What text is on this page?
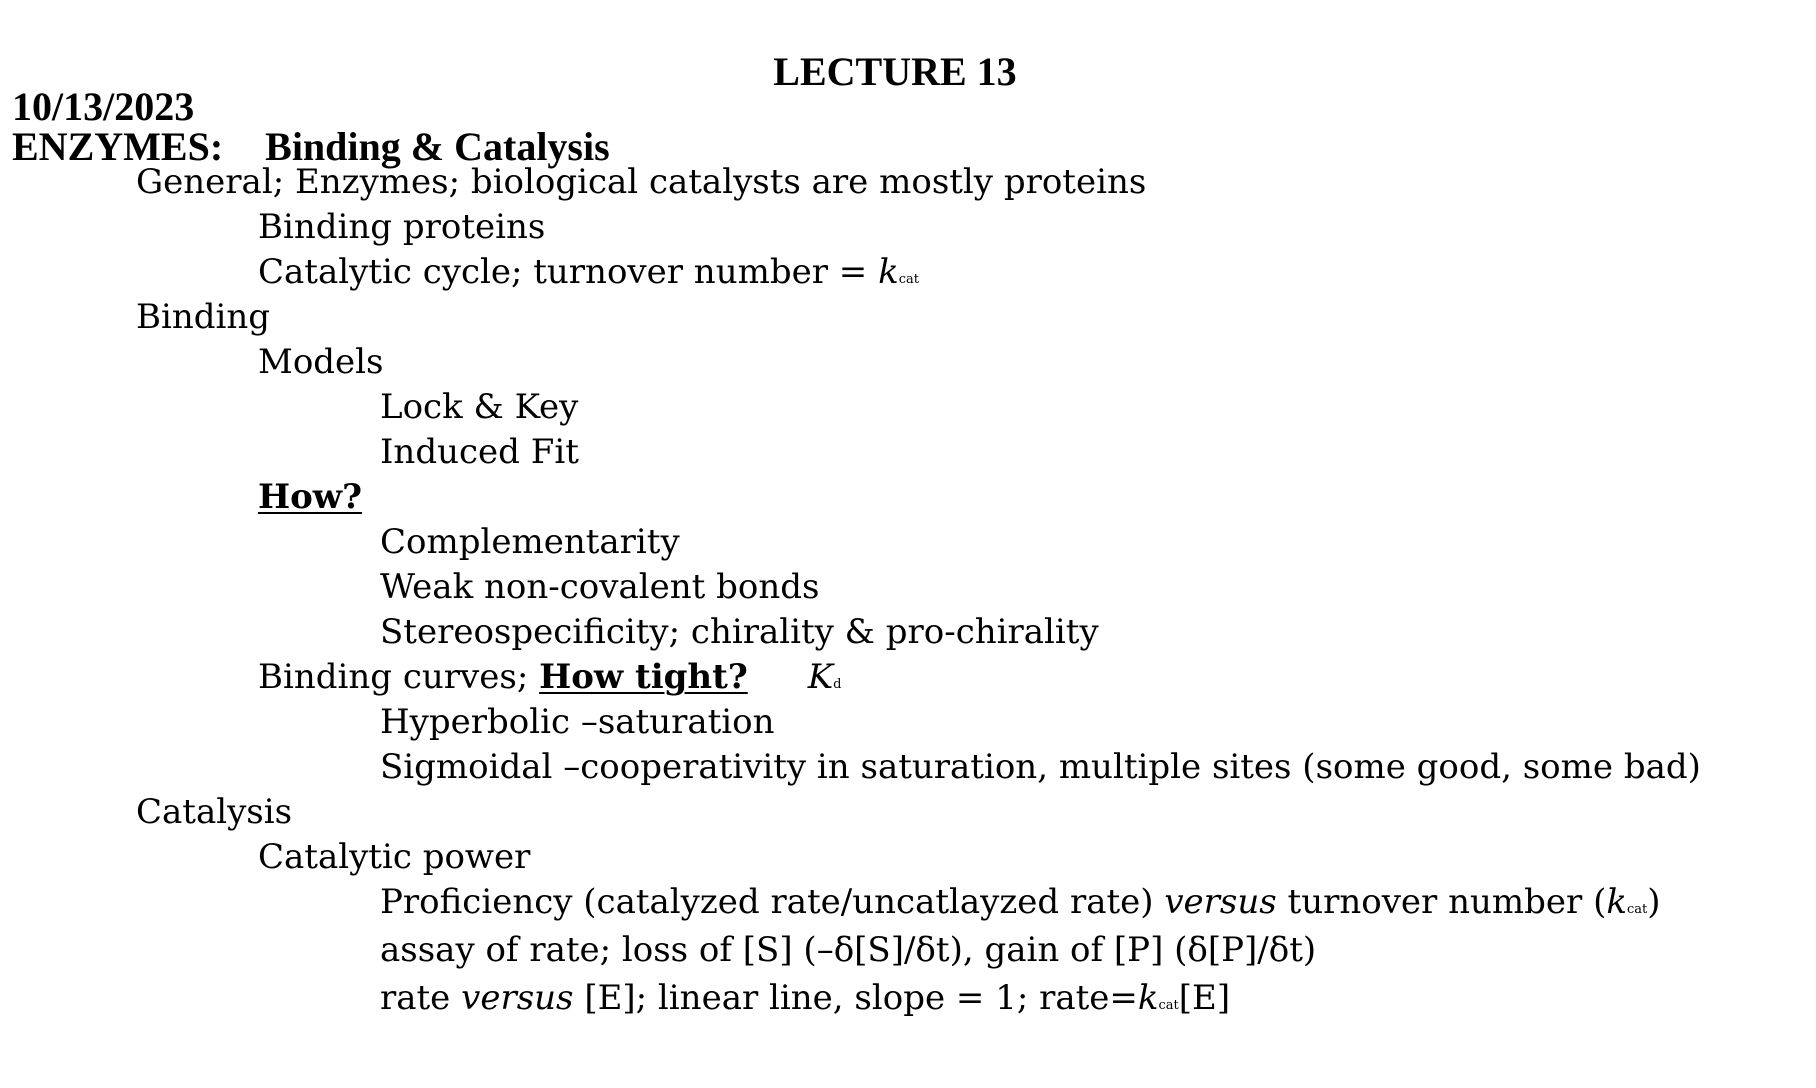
LECTURE 13
10/13/2023
ENZYMES: Binding & Catalysis
General; Enzymes; biological catalysts are mostly proteins
Binding proteins
Catalytic cycle; turnover number = kcat
Binding
Models
Lock & Key
Induced Fit
How?
Complementarity
Weak non-covalent bonds
Stereospecificity; chirality & pro-chirality
Binding curves; How tight? Kd
Hyperbolic –saturation
Sigmoidal –cooperativity in saturation, multiple sites (some good, some bad)
Catalysis
Catalytic power
Proficiency (catalyzed rate/uncatlayzed rate) versus turnover number (kcat)
assay of rate; loss of [S] (–δ[S]/δt), gain of [P] (δ[P]/δt)
rate versus [E]; linear line, slope = 1; rate=kcat[E]
